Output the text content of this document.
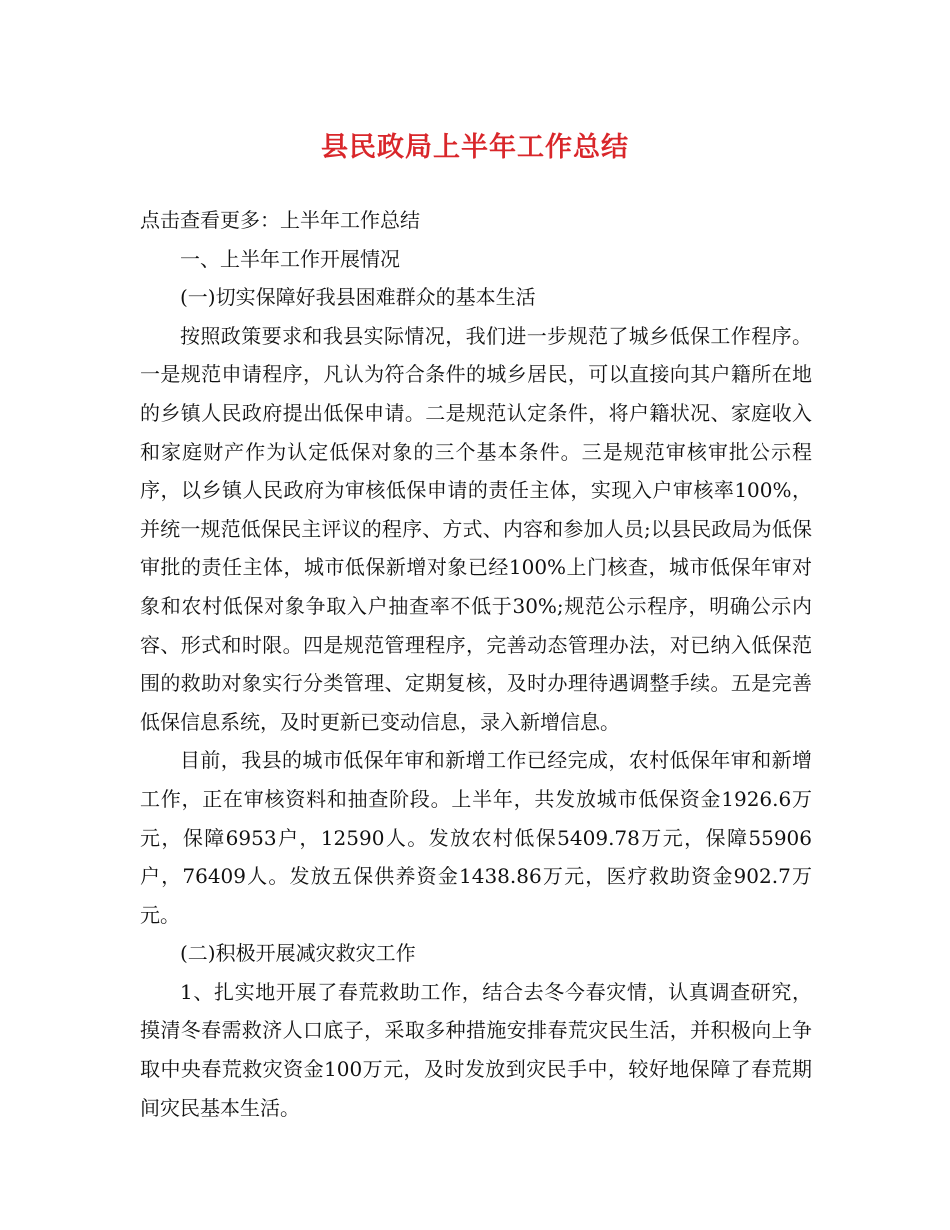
县民政局上半年工作总结

点击查看更多：上半年工作总结

一、上半年工作开展情况

(一)切实保障好我县困难群众的基本生活

按照政策要求和我县实际情况，我们进一步规范了城乡低保工作程序。一是规范申请程序，凡认为符合条件的城乡居民，可以直接向其户籍所在地的乡镇人民政府提出低保申请。二是规范认定条件，将户籍状况、家庭收入和家庭财产作为认定低保对象的三个基本条件。三是规范审核审批公示程序，以乡镇人民政府为审核低保申请的责任主体，实现入户审核率100%，并统一规范低保民主评议的程序、方式、内容和参加人员;以县民政局为低保审批的责任主体，城市低保新增对象已经100%上门核查，城市低保年审对象和农村低保对象争取入户抽查率不低于30%;规范公示程序，明确公示内容、形式和时限。四是规范管理程序，完善动态管理办法，对已纳入低保范围的救助对象实行分类管理、定期复核，及时办理待遇调整手续。五是完善低保信息系统，及时更新已变动信息，录入新增信息。

目前，我县的城市低保年审和新增工作已经完成，农村低保年审和新增工作，正在审核资料和抽查阶段。上半年，共发放城市低保资金1926.6万元，保障6953户，12590人。发放农村低保5409.78万元，保障55906户，76409人。发放五保供养资金1438.86万元，医疗救助资金902.7万元。

(二)积极开展减灾救灾工作

1、扎实地开展了春荒救助工作，结合去冬今春灾情，认真调查研究，摸清冬春需救济人口底子，采取多种措施安排春荒灾民生活，并积极向上争取中央春荒救灾资金100万元，及时发放到灾民手中，较好地保障了春荒期间灾民基本生活。
